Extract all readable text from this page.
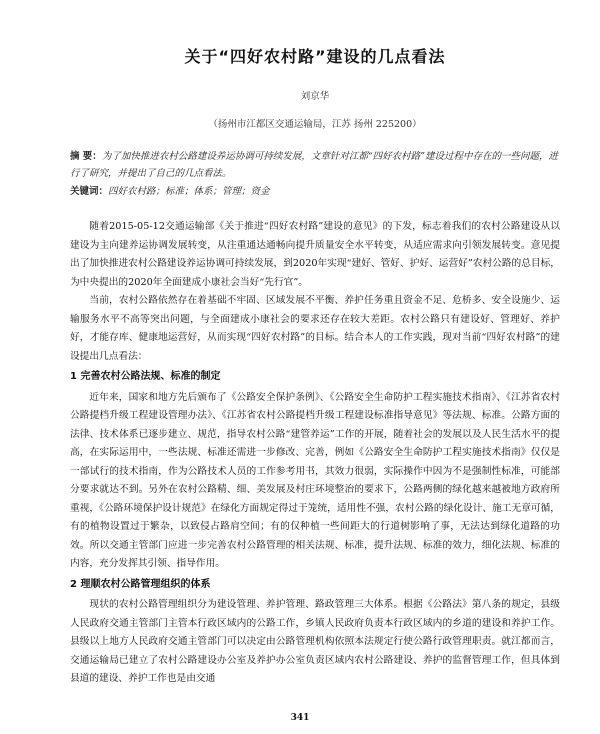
关于“四好农村路”建设的几点看法
刘京华
（扬州市江都区交通运输局，江苏 扬州 225200）
摘 要：为了加快推进农村公路建设养运协调可持续发展，文章针对江都“四好农村路”建设过程中存在的一些问题，进行了研究，并提出了自己的几点看法。
关键词：四好农村路；标准；体系；管理；资金

随着2015-05-12交通运输部《关于推进“四好农村路”建设的意见》的下发，标志着我们的农村公路建设从以建设为主向建养运协调发展转变，从注重通达通畅向提升质量安全水平转变，从适应需求向引领发展转变。意见提出了加快推进农村公路建设养运协调可持续发展，到2020年实现“建好、管好、护好、运营好”农村公路的总目标，为中央提出的2020年全面建成小康社会当好“先行官”。

当前，农村公路依然存在着基础不牢固、区域发展不平衡、养护任务重且资金不足、危桥多、安全设施少、运输服务水平不高等突出问题，与全面建成小康社会的要求还存在较大差距。农村公路只有建设好、管理好、养护好，才能存库、健康地运营好，从而实现“四好农村路”的目标。结合本人的工作实践，现对当前“四好农村路”的建设提出几点看法：

1 完善农村公路法规、标准的制定

近年来，国家和地方先后颁布了《公路安全保护条例》、《公路安全生命防护工程实施技术指南》、《江苏省农村公路提档升级工程建设管理办法》、《江苏省农村公路提档升级工程建设标准指导意见》等法规、标准。公路方面的法律、技术体系已逐步建立、规范，指导农村公路“建管养运”工作的开展，随着社会的发展以及人民生活水平的提高，在实际运用中，一些法规、标准还需进一步修改、完善，例如《公路安全生命防护工程实施技术指南》仅仅是一部试行的技术指南，作为公路技术人员的工作参考用书，其效力很弱，实际操作中因为不是强制性标准，可能部分要求就达不到。另外在农村公路精、细、美发展及村庄环境整治的要求下，公路两侧的绿化越来越被地方政府所重视，《公路环境保护设计规范》在绿化方面规定得过于笼统，适用性不强，农村公路的绿化设计、施工无章可循，有的植物设置过于繁杂，以致侵占路肩空间；有的仅种植一些间距大的行道树影响了事，无法达到绿化道路的功效。所以交通主管部门应进一步完善农村公路管理的相关法规、标准，提升法规、标准的效力，细化法规、标准的内容，充分发挥其引领、指导作用。

2 理顺农村公路管理组织的体系

现状的农村公路管理组织分为建设管理、养护管理、路政管理三大体系。根据《公路法》第八条的规定，县级人民政府交通主管部门主管本行政区域内的公路工作，乡镇人民政府负责本行政区域内的乡道的建设和养护工作。县级以上地方人民政府交通主管部门可以决定由公路管理机构依照本法规定行使公路行政管理职责。就江都而言，交通运输局已建立了农村公路建设办公室及养护办公室负责区域内农村公路建设、养护的监督管理工作，但具体到县道的建设、养护工作也是由交通

341
